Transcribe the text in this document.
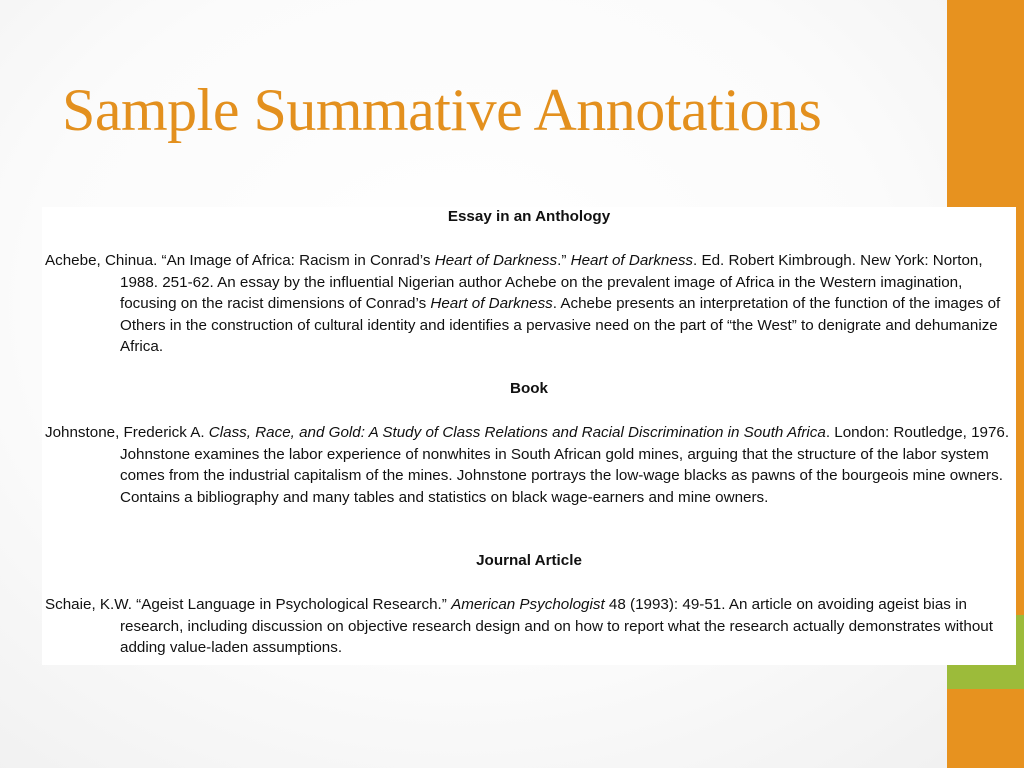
Sample Summative Annotations
Essay in an Anthology

Achebe, Chinua. “An Image of Africa: Racism in Conrad’s Heart of Darkness.” Heart of Darkness. Ed. Robert Kimbrough. New York: Norton, 1988. 251-62. An essay by the influential Nigerian author Achebe on the prevalent image of Africa in the Western imagination, focusing on the racist dimensions of Conrad’s Heart of Darkness. Achebe presents an interpretation of the function of the images of Others in the construction of cultural identity and identifies a pervasive need on the part of “the West” to denigrate and dehumanize Africa.

Book

Johnstone, Frederick A. Class, Race, and Gold: A Study of Class Relations and Racial Discrimination in South Africa. London: Routledge, 1976. Johnstone examines the labor experience of nonwhites in South African gold mines, arguing that the structure of the labor system comes from the industrial capitalism of the mines. Johnstone portrays the low-wage blacks as pawns of the bourgeois mine owners. Contains a bibliography and many tables and statistics on black wage-earners and mine owners.

Journal Article

Schaie, K.W. “Ageist Language in Psychological Research.” American Psychologist 48 (1993): 49-51. An article on avoiding ageist bias in research, including discussion on objective research design and on how to report what the research actually demonstrates without adding value-laden assumptions.
